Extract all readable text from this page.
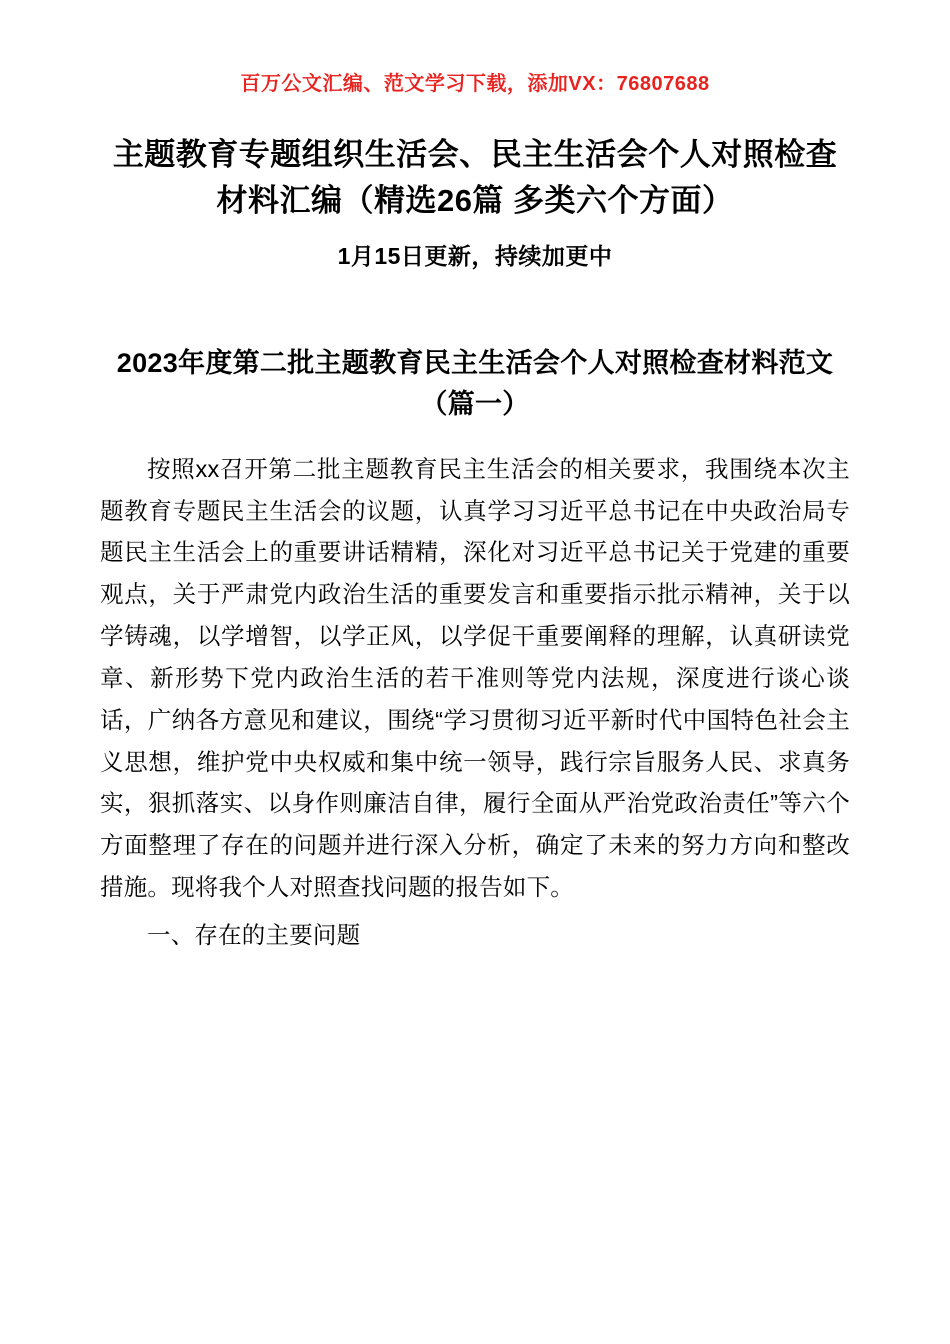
百万公文汇编、范文学习下载，添加VX：76807688
主题教育专题组织生活会、民主生活会个人对照检查材料汇编（精选26篇 多类六个方面）
1月15日更新，持续加更中
2023年度第二批主题教育民主生活会个人对照检查材料范文（篇一）

按照xx召开第二批主题教育民主生活会的相关要求，我围绕本次主题教育专题民主生活会的议题，认真学习习近平总书记在中央政治局专题民主生活会上的重要讲话精精，深化对习近平总书记关于党建的重要观点，关于严肃党内政治生活的重要发言和重要指示批示精神，关于以学铸魂，以学增智，以学正风，以学促干重要阐释的理解，认真研读党章、新形势下党内政治生活的若干准则等党内法规，深度进行谈心谈话，广纳各方意见和建议，围绕“学习贯彻习近平新时代中国特色社会主义思想，维护党中央权威和集中统一领导，践行宗旨服务人民、求真务实，狠抓落实、以身作则廉洁自律，履行全面从严治党政治责任”等六个方面整理了存在的问题并进行深入分析，确定了未来的努力方向和整改措施。现将我个人对照查找问题的报告如下。

一、存在的主要问题
